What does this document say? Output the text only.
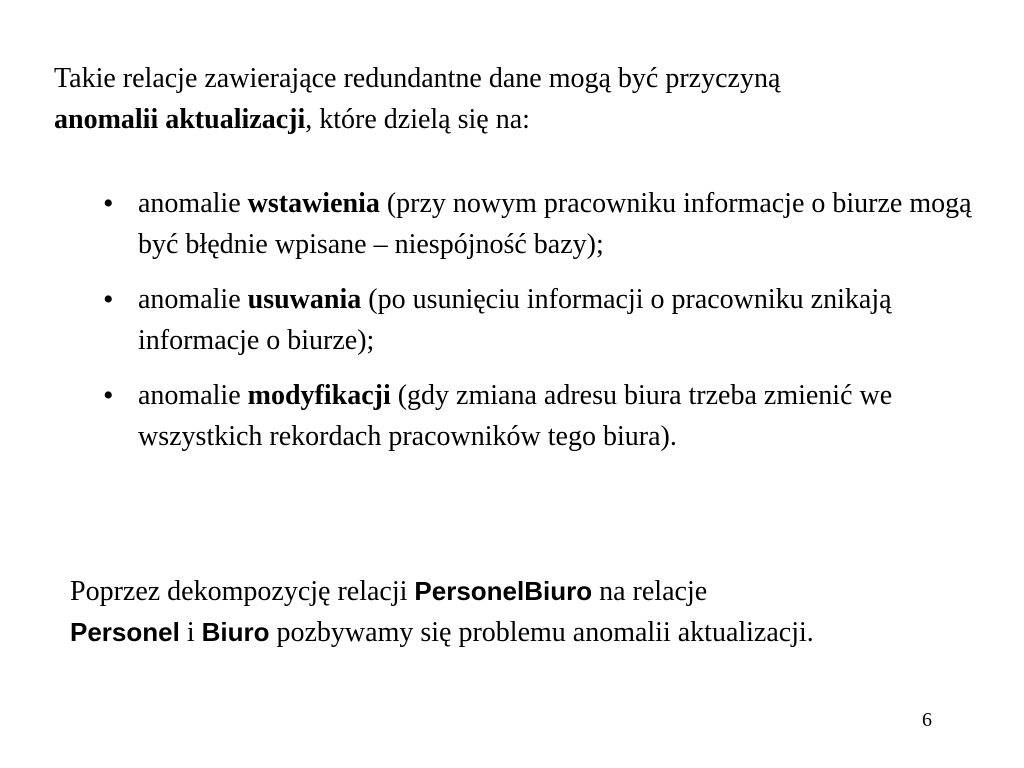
Takie relacje zawierające redundantne dane mogą być przyczyną
anomalii aktualizacji, które dzielą się na:

• anomalie wstawienia (przy nowym pracowniku informacje o biurze mogą być błędnie wpisane – niespójność bazy);
• anomalie usuwania (po usunięciu informacji o pracowniku znikają informacje o biurze);
• anomalie modyfikacji (gdy zmiana adresu biura trzeba zmienić we wszystkich rekordach pracowników tego biura).

Poprzez dekompozycję relacji PersonelBiuro na relacje
Personel i Biuro pozbywamy się problemu anomalii aktualizacji.

6
